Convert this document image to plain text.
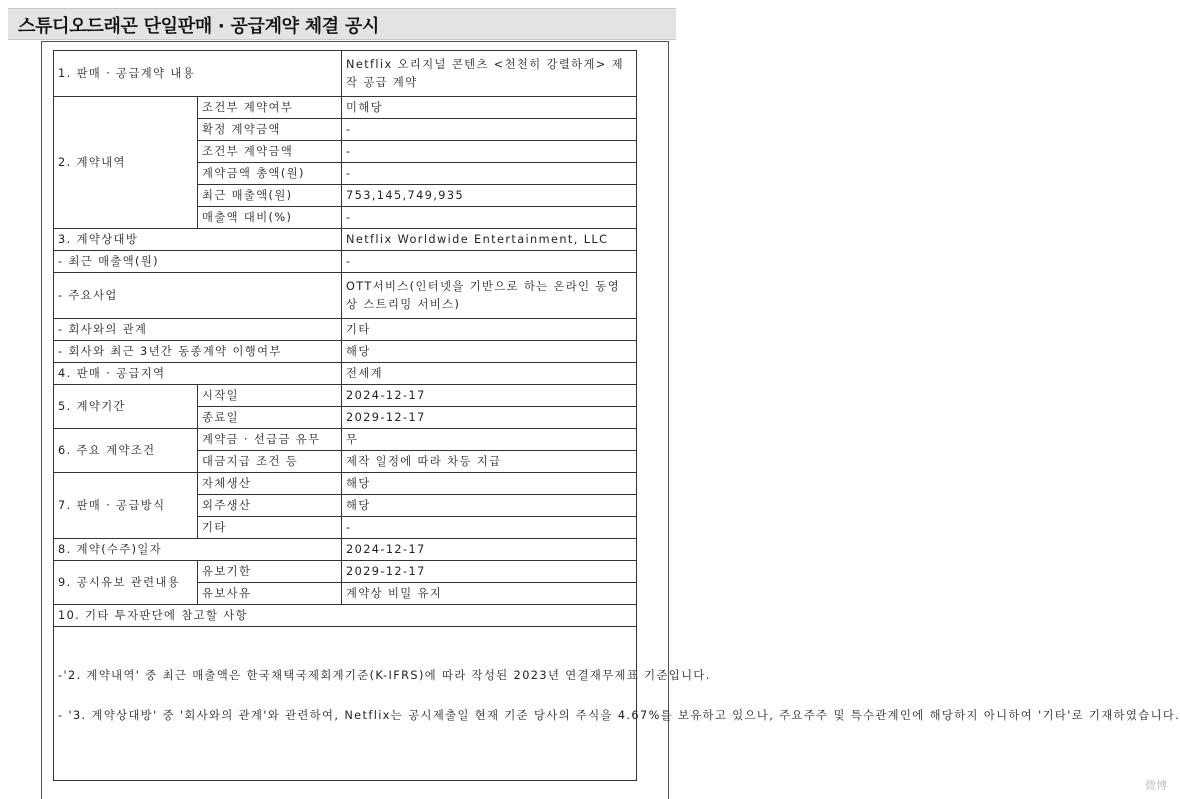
스튜디오드래곤 단일판매 · 공급계약 체결 공시
1. 판매 · 공급계약 내용		Netflix 오리지널 콘텐츠 <천천히 강렬하게> 제작 공급 계약
2. 계약내역	조건부 계약여부	미해당
	확정 계약금액	-
	조건부 계약금액	-
	계약금액 총액(원)	-
	최근 매출액(원)	753,145,749,935
	매출액 대비(%)	-
3. 계약상대방		Netflix Worldwide Entertainment, LLC
- 최근 매출액(원)		-
- 주요사업		OTT서비스(인터넷을 기반으로 하는 온라인 동영상 스트리밍 서비스)
- 회사와의 관계		기타
- 회사와 최근 3년간 동종계약 이행여부		해당
4. 판매 · 공급지역		전세계
5. 계약기간	시작일	2024-12-17
	종료일	2029-12-17
6. 주요 계약조건	계약금 · 선급금 유무	무
	대금지급 조건 등	제작 일정에 따라 차등 지급
7. 판매 · 공급방식	자체생산	해당
	외주생산	해당
	기타	-
8. 계약(수주)일자		2024-12-17
9. 공시유보 관련내용	유보기한	2029-12-17
	유보사유	계약상 비밀 유지
10. 기타 투자판단에 참고할 사항		

-'2. 계약내역' 중 최근 매출액은 한국채택국제회계기준(K-IFRS)에 따라 작성된 2023년 연결재무제표 기준입니다.

- '3. 계약상대방' 중 '회사와의 관계'와 관련하여, Netflix는 공시제출일 현재 기준 당사의 주식을 4.67%를 보유하고 있으나, 주요주주 및 특수관계인에 해당하지 아니하여 '기타'로 기재하였습니다.		

微博
